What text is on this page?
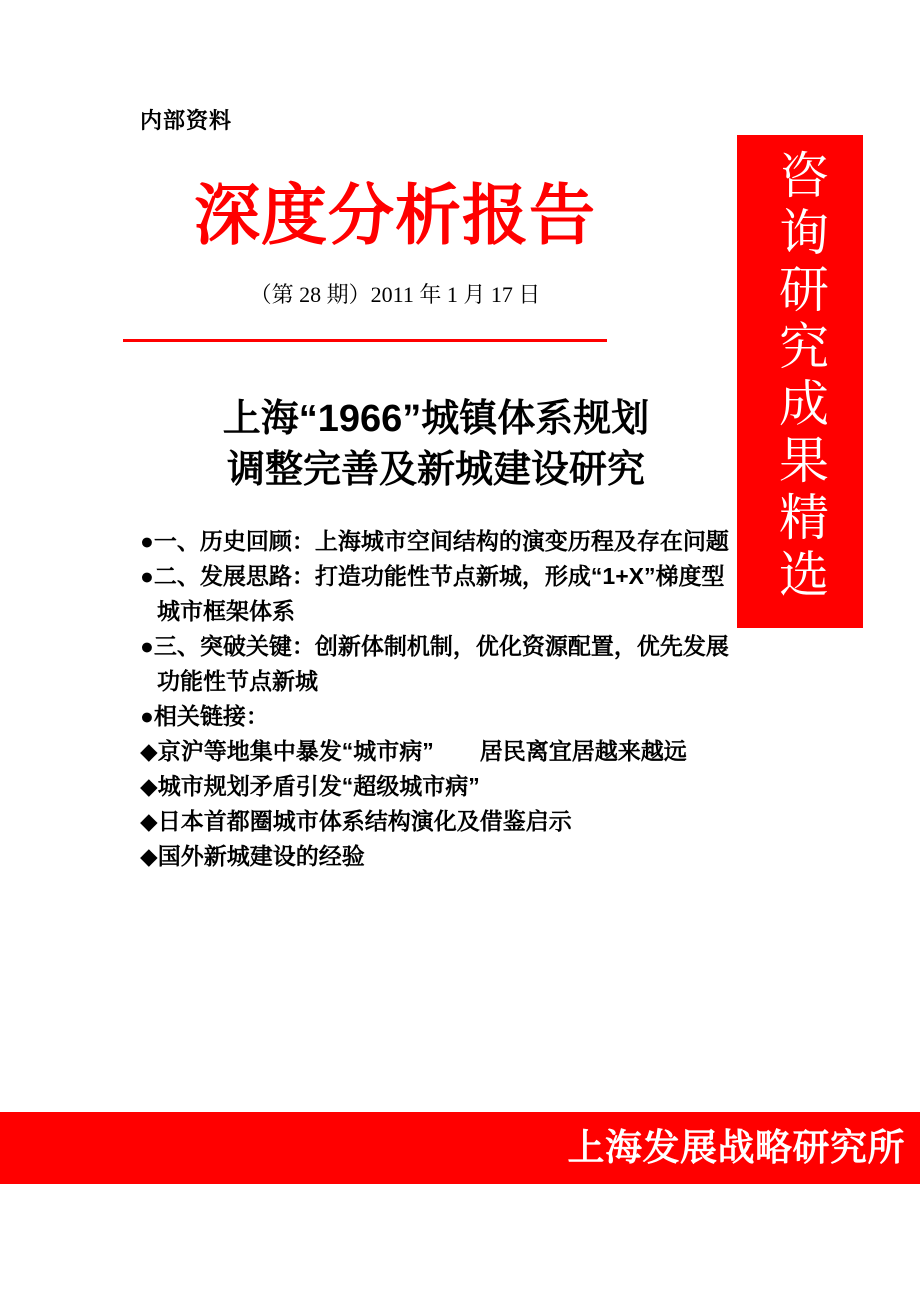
内部资料
深度分析报告
（第 28 期）2011 年 1 月 17 日
上海“1966”城镇体系规划
调整完善及新城建设研究
●一、历史回顾：上海城市空间结构的演变历程及存在问题
●二、发展思路：打造功能性节点新城，形成“1+X”梯度型
城市框架体系
●三、突破关键：创新体制机制，优化资源配置，优先发展
功能性节点新城
●相关链接：
◆京沪等地集中暴发“城市病”　　居民离宜居越来越远
◆城市规划矛盾引发“超级城市病”
◆日本首都圈城市体系结构演化及借鉴启示
◆国外新城建设的经验
咨询研究成果精选
上海发展战略研究所
